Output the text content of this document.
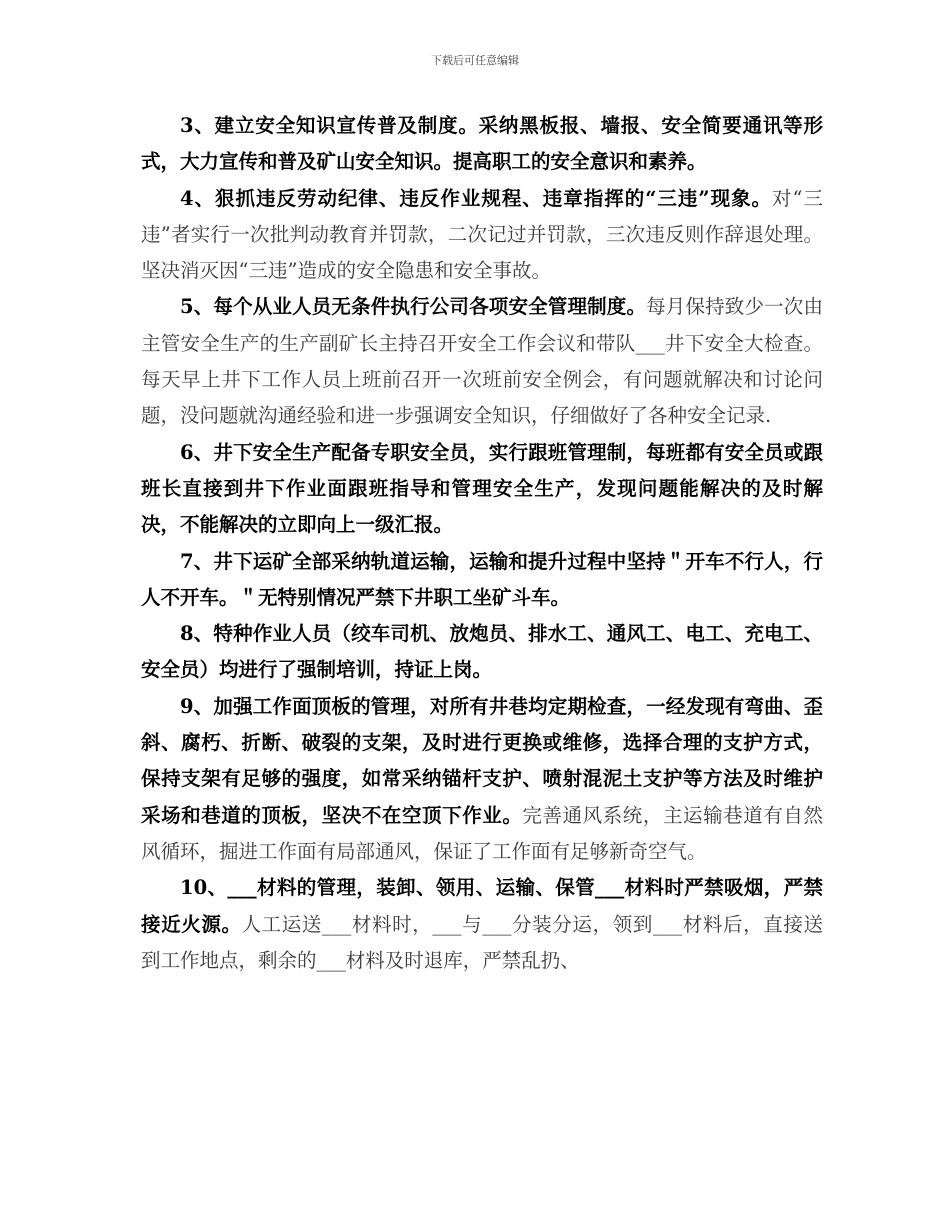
下载后可任意编辑

3、建立安全知识宣传普及制度。采纳黑板报、墙报、安全简要通讯等形式，大力宣传和普及矿山安全知识。提高职工的安全意识和素养。

4、狠抓违反劳动纪律、违反作业规程、违章指挥的“三违”现象。对“三违”者实行一次批判动教育并罚款，二次记过并罚款，三次违反则作辞退处理。坚决消灭因“三违”造成的安全隐患和安全事故。

5、每个从业人员无条件执行公司各项安全管理制度。每月保持致少一次由主管安全生产的生产副矿长主持召开安全工作会议和带队___井下安全大检查。每天早上井下工作人员上班前召开一次班前安全例会，有问题就解决和讨论问题，没问题就沟通经验和进一步强调安全知识，仔细做好了各种安全记录.

6、井下安全生产配备专职安全员，实行跟班管理制，每班都有安全员或跟班长直接到井下作业面跟班指导和管理安全生产，发现问题能解决的及时解决，不能解决的立即向上一级汇报。

7、井下运矿全部采纳轨道运输，运输和提升过程中坚持＂开车不行人，行人不开车。＂无特别情况严禁下井职工坐矿斗车。

8、特种作业人员（绞车司机、放炮员、排水工、通风工、电工、充电工、安全员）均进行了强制培训，持证上岗。

9、加强工作面顶板的管理，对所有井巷均定期检查，一经发现有弯曲、歪斜、腐朽、折断、破裂的支架，及时进行更换或维修，选择合理的支护方式，保持支架有足够的强度，如常采纳锚杆支护、喷射混泥土支护等方法及时维护采场和巷道的顶板，坚决不在空顶下作业。完善通风系统，主运输巷道有自然风循环，掘进工作面有局部通风，保证了工作面有足够新奇空气。

10、___材料的管理，装卸、领用、运输、保管___材料时严禁吸烟，严禁接近火源。人工运送___材料时，___与___分装分运，领到___材料后，直接送到工作地点，剩余的___材料及时退库，严禁乱扔、
